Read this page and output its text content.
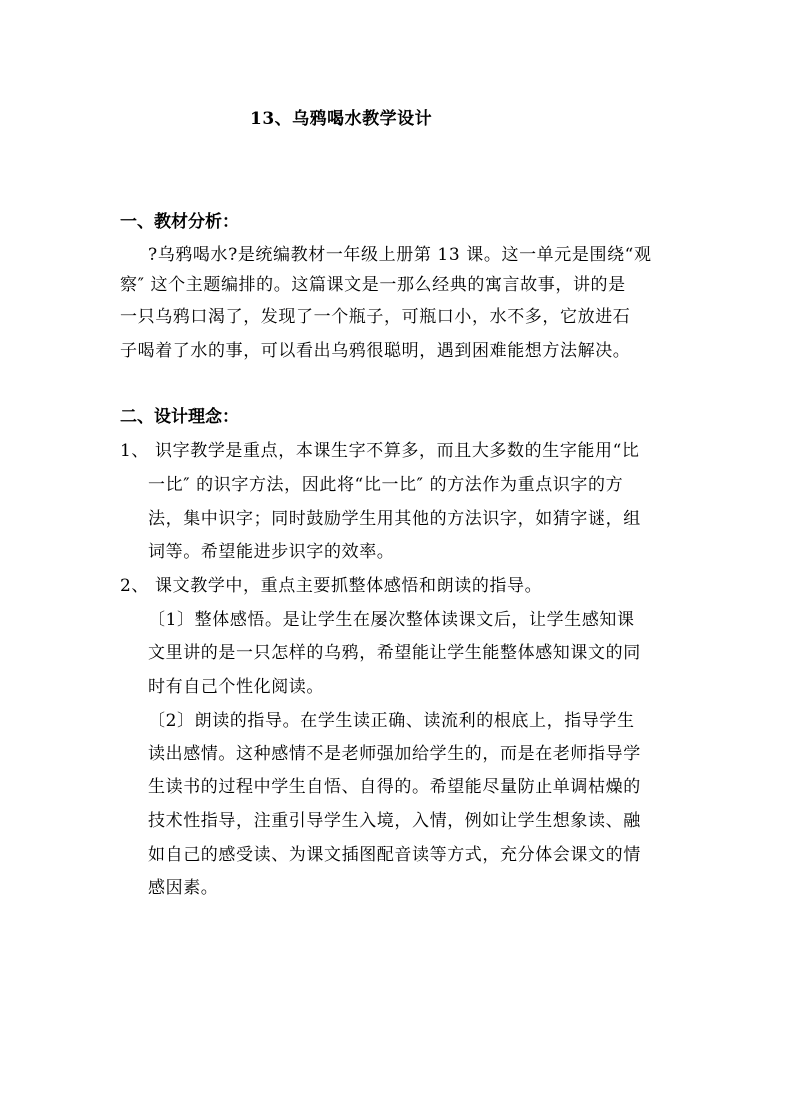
13、乌鸦喝水教学设计
一、教材分析：
?乌鸦喝水?是统编教材一年级上册第 13 课。这一单元是围绕“观
察″ 这个主题编排的。这篇课文是一那么经典的寓言故事，讲的是
一只乌鸦口渴了，发现了一个瓶子，可瓶口小，水不多，它放进石
子喝着了水的事，可以看出乌鸦很聪明，遇到困难能想方法解决。
二、设计理念：
1、 识字教学是重点，本课生字不算多，而且大多数的生字能用“比
一比″ 的识字方法，因此将“比一比″ 的方法作为重点识字的方
法，集中识字；同时鼓励学生用其他的方法识字，如猜字谜，组
词等。希望能进步识字的效率。
2、 课文教学中，重点主要抓整体感悟和朗读的指导。
〔1〕整体感悟。是让学生在屡次整体读课文后，让学生感知课
文里讲的是一只怎样的乌鸦，希望能让学生能整体感知课文的同
时有自己个性化阅读。
〔2〕朗读的指导。在学生读正确、读流利的根底上，指导学生
读出感情。这种感情不是老师强加给学生的，而是在老师指导学
生读书的过程中学生自悟、自得的。希望能尽量防止单调枯燥的
技术性指导，注重引导学生入境，入情，例如让学生想象读、融
如自己的感受读、为课文插图配音读等方式，充分体会课文的情
感因素。
